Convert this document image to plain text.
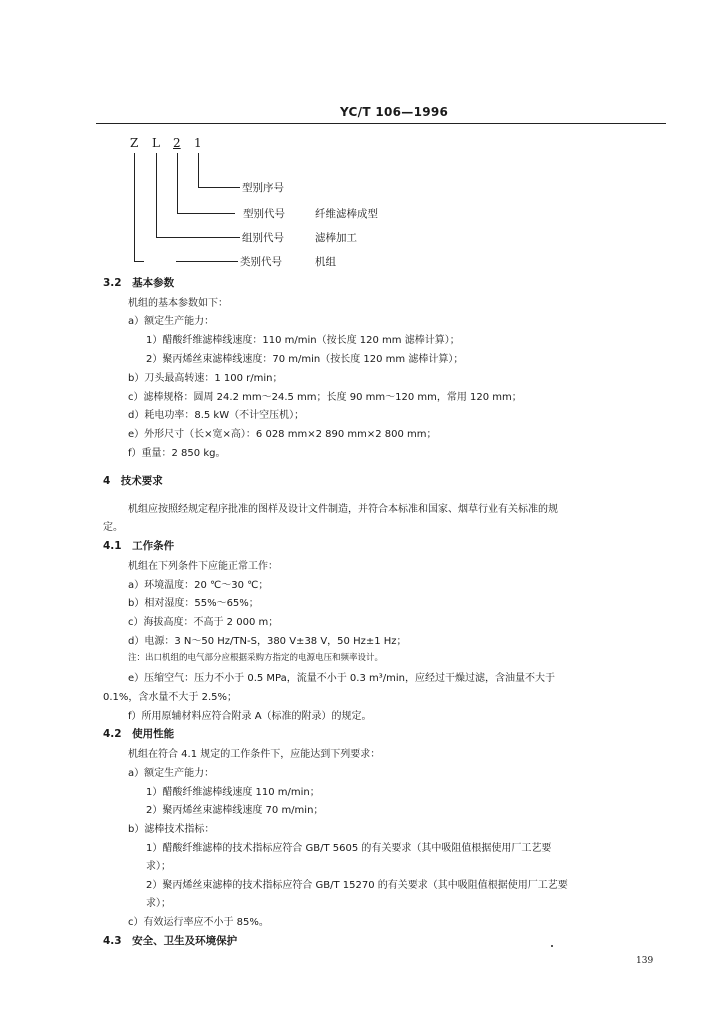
YC/T 106—1996
Z L 2 1
型别序号
型别代号	纤维滤棒成型
组别代号	滤棒加工
类别代号	机组
3.2　基本参数
机组的基本参数如下：
a）额定生产能力：
1）醋酸纤维滤棒线速度：110 m/min（按长度 120 mm 滤棒计算）；
2）聚丙烯丝束滤棒线速度：70 m/min（按长度 120 mm 滤棒计算）；
b）刀头最高转速：1 100 r/min；
c）滤棒规格：圆周 24.2 mm～24.5 mm；长度 90 mm～120 mm，常用 120 mm；
d）耗电功率：8.5 kW（不计空压机）；
e）外形尺寸（长×宽×高）：6 028 mm×2 890 mm×2 800 mm；
f）重量：2 850 kg。
4　技术要求
机组应按照经规定程序批准的图样及设计文件制造，并符合本标准和国家、烟草行业有关标准的规
定。
4.1　工作条件
机组在下列条件下应能正常工作：
a）环境温度：20 ℃～30 ℃；
b）相对湿度：55%～65%；
c）海拔高度：不高于 2 000 m；
d）电源：3 N～50 Hz/TN-S，380 V±38 V，50 Hz±1 Hz；
注：出口机组的电气部分应根据采购方指定的电源电压和频率设计。
e）压缩空气：压力不小于 0.5 MPa，流量不小于 0.3 m³/min，应经过干燥过滤，含油量不大于
0.1%，含水量不大于 2.5%；
f）所用原辅材料应符合附录 A（标准的附录）的规定。
4.2　使用性能
机组在符合 4.1 规定的工作条件下，应能达到下列要求：
a）额定生产能力：
1）醋酸纤维滤棒线速度 110 m/min；
2）聚丙烯丝束滤棒线速度 70 m/min；
b）滤棒技术指标：
1）醋酸纤维滤棒的技术指标应符合 GB/T 5605 的有关要求（其中吸阻值根据使用厂工艺要
求）；
2）聚丙烯丝束滤棒的技术指标应符合 GB/T 15270 的有关要求（其中吸阻值根据使用厂工艺要
求）；
c）有效运行率应不小于 85%。
4.3　安全、卫生及环境保护
139
